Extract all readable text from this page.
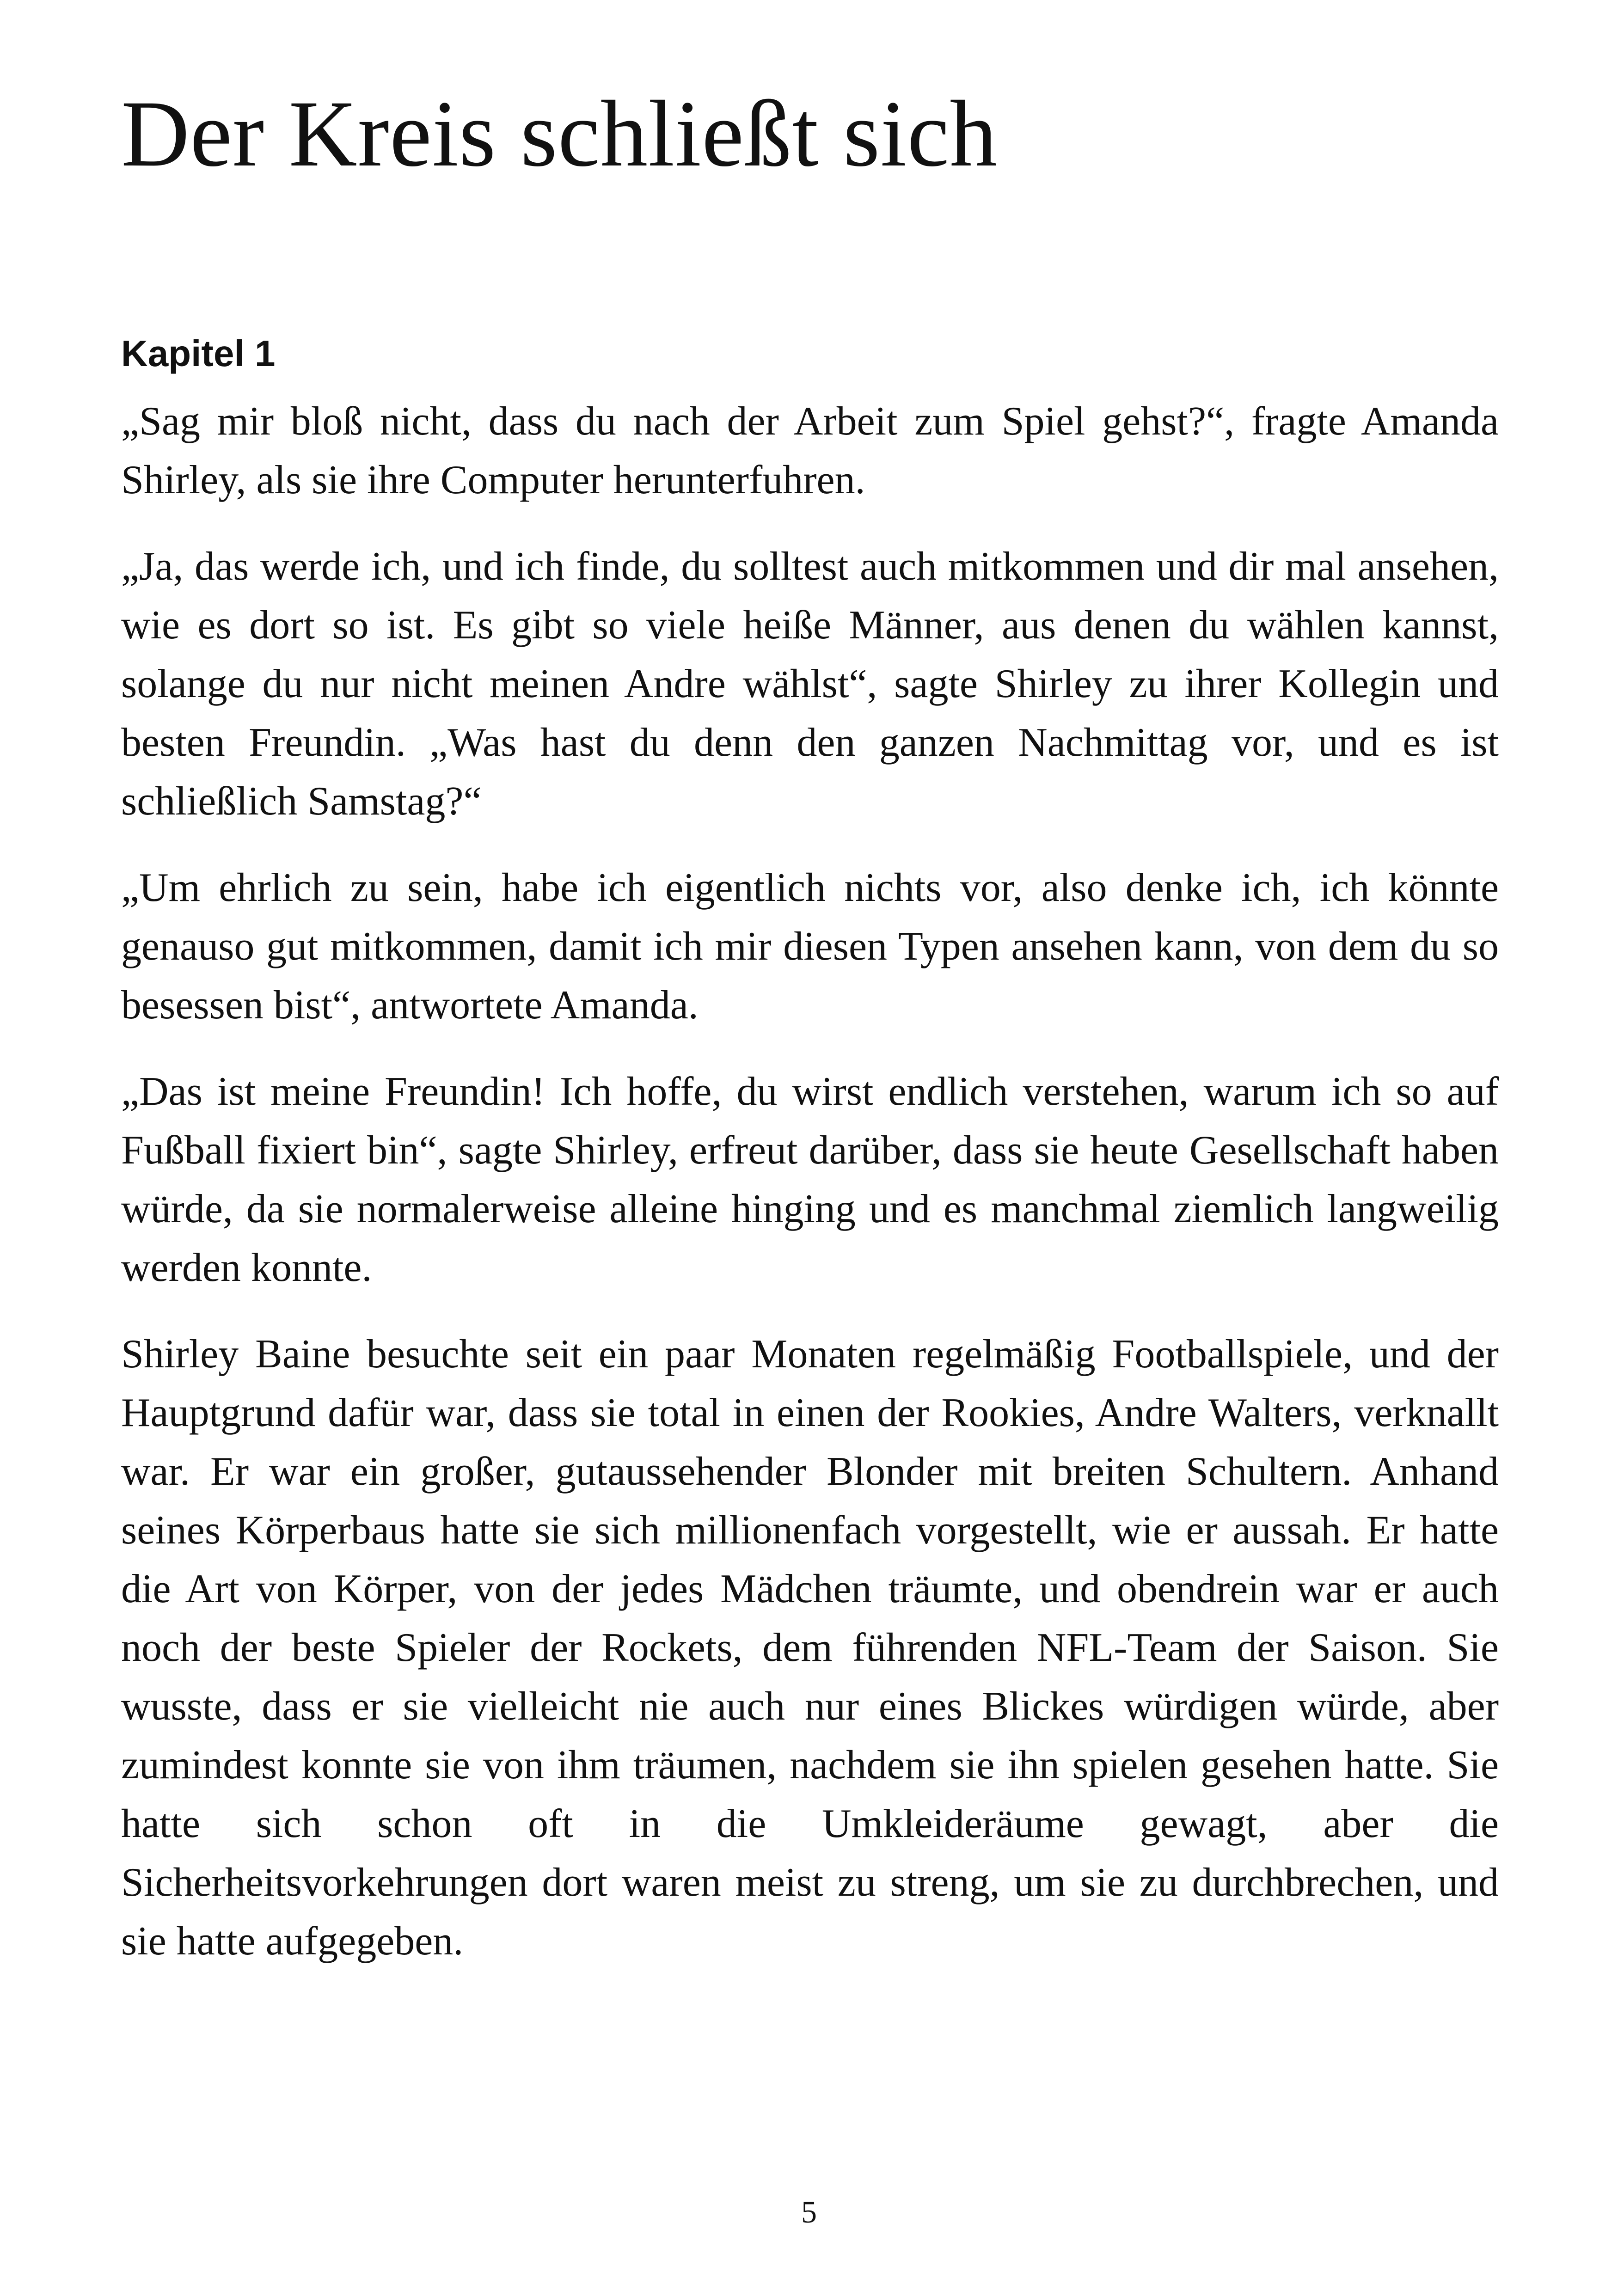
Der Kreis schließt sich
Kapitel 1

„Sag mir bloß nicht, dass du nach der Arbeit zum Spiel gehst?“, fragte Amanda Shirley, als sie ihre Computer herunterfuhren.

„Ja, das werde ich, und ich finde, du solltest auch mitkommen und dir mal ansehen, wie es dort so ist. Es gibt so viele heiße Männer, aus denen du wählen kannst, solange du nur nicht meinen Andre wählst“, sagte Shirley zu ihrer Kollegin und besten Freundin. „Was hast du denn den ganzen Nachmittag vor, und es ist schließlich Samstag?“

„Um ehrlich zu sein, habe ich eigentlich nichts vor, also denke ich, ich könnte genauso gut mitkommen, damit ich mir diesen Typen ansehen kann, von dem du so besessen bist“, antwortete Amanda.

„Das ist meine Freundin! Ich hoffe, du wirst endlich verstehen, warum ich so auf Fußball fixiert bin“, sagte Shirley, erfreut darüber, dass sie heute Gesellschaft haben würde, da sie normalerweise alleine hinging und es manchmal ziemlich langweilig werden konnte.

Shirley Baine besuchte seit ein paar Monaten regelmäßig Footballspiele, und der Hauptgrund dafür war, dass sie total in einen der Rookies, Andre Walters, verknallt war. Er war ein großer, gutaussehender Blonder mit breiten Schultern. Anhand seines Körperbaus hatte sie sich millionenfach vorgestellt, wie er aussah. Er hatte die Art von Körper, von der jedes Mädchen träumte, und obendrein war er auch noch der beste Spieler der Rockets, dem führenden NFL-Team der Saison. Sie wusste, dass er sie vielleicht nie auch nur eines Blickes würdigen würde, aber zumindest konnte sie von ihm träumen, nachdem sie ihn spielen gesehen hatte. Sie hatte sich schon oft in die Umkleideräume gewagt, aber die Sicherheitsvorkehrungen dort waren meist zu streng, um sie zu durchbrechen, und sie hatte aufgegeben.

5
